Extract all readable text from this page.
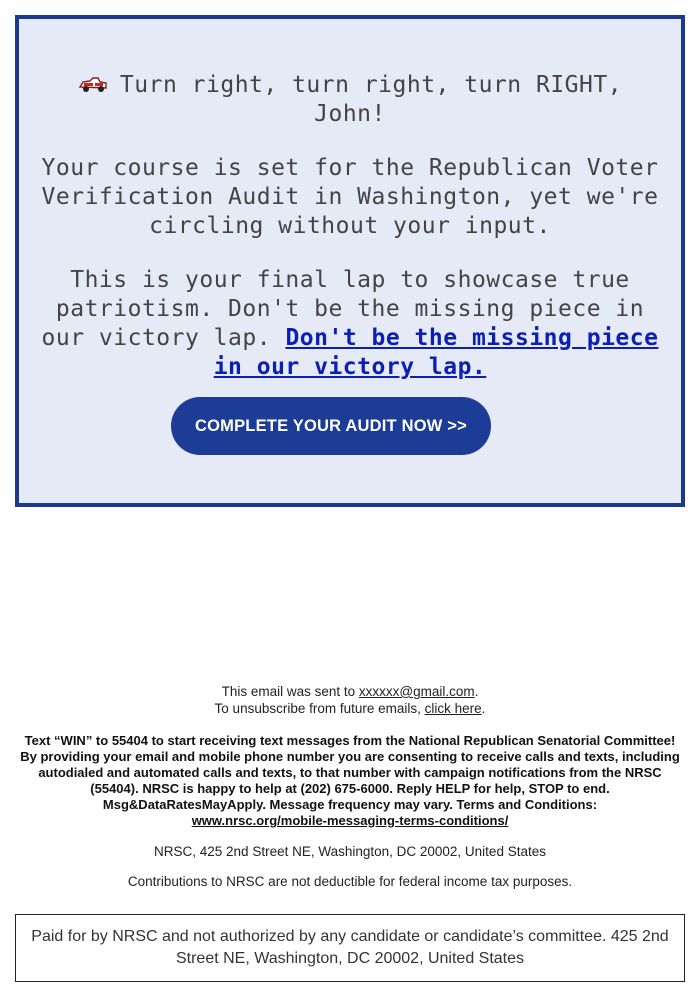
Turn right, turn right, turn RIGHT, John!

Your course is set for the Republican Voter Verification Audit in Washington, yet we're circling without your input.

This is your final lap to showcase true patriotism. Don't be the missing piece in our victory lap. Don't be the missing piece in our victory lap.

COMPLETE YOUR AUDIT NOW >>

This email was sent to xxxxxx@gmail.com.

To unsubscribe from future emails, click here.

Text “WIN” to 55404 to start receiving text messages from the National Republican Senatorial Committee! By providing your email and mobile phone number you are consenting to receive calls and texts, including autodialed and automated calls and texts, to that number with campaign notifications from the NRSC (55404). NRSC is happy to help at (202) 675-6000. Reply HELP for help, STOP to end. Msg&DataRatesMayApply. Message frequency may vary. Terms and Conditions:
www.nrsc.org/mobile-messaging-terms-conditions/

NRSC, 425 2nd Street NE, Washington, DC 20002, United States

Contributions to NRSC are not deductible for federal income tax purposes.

Paid for by NRSC and not authorized by any candidate or candidate’s committee. 425 2nd Street NE, Washington, DC 20002, United States
